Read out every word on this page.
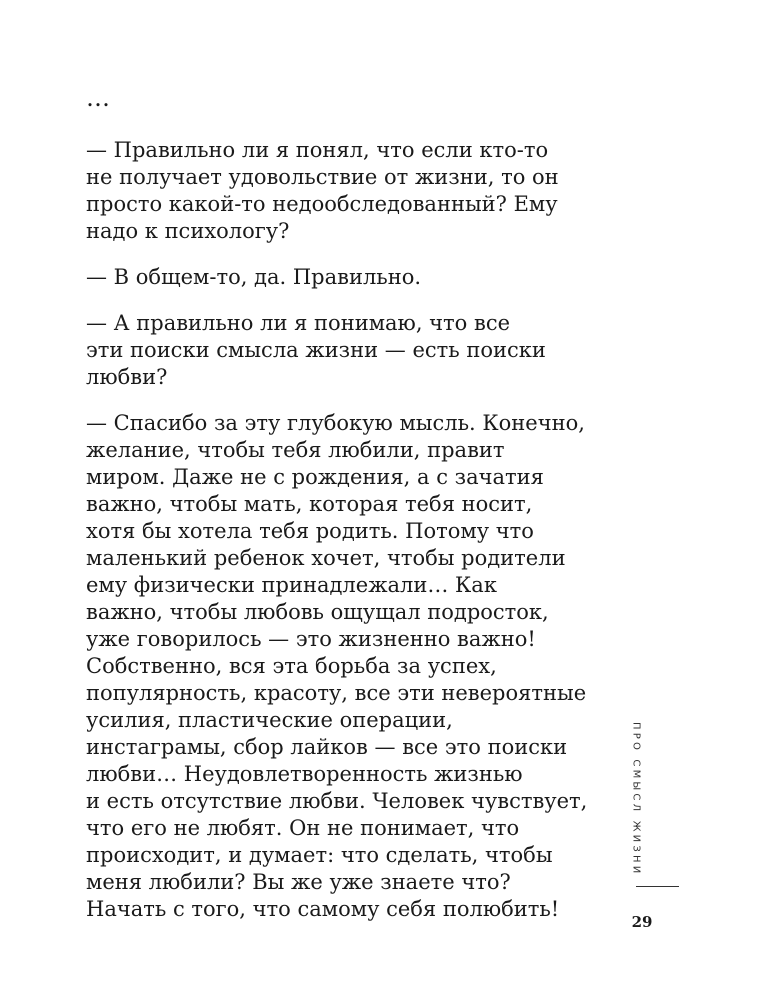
…

— Правильно ли я понял, что если кто-то
не получает удовольствие от жизни, то он
просто какой-то недообследованный? Ему
надо к психологу?

— В общем-то, да. Правильно.

— А правильно ли я понимаю, что все
эти поиски смысла жизни — есть поиски
любви?

— Спасибо за эту глубокую мысль. Конечно,
желание, чтобы тебя любили, правит
миром. Даже не с рождения, а с зачатия
важно, чтобы мать, которая тебя носит,
хотя бы хотела тебя родить. Потому что
маленький ребенок хочет, чтобы родители
ему физически принадлежали… Как
важно, чтобы любовь ощущал подросток,
уже говорилось — это жизненно важно!
Собственно, вся эта борьба за успех,
популярность, красоту, все эти невероятные
усилия, пластические операции,
инстаграмы, сбор лайков — все это поиски
любви… Неудовлетворенность жизнью
и есть отсутствие любви. Человек чувствует,
что его не любят. Он не понимает, что
происходит, и думает: что сделать, чтобы
меня любили? Вы же уже знаете что?
Начать с того, что самому себя полюбить!

ПРО СМЫСЛ ЖИЗНИ
29
